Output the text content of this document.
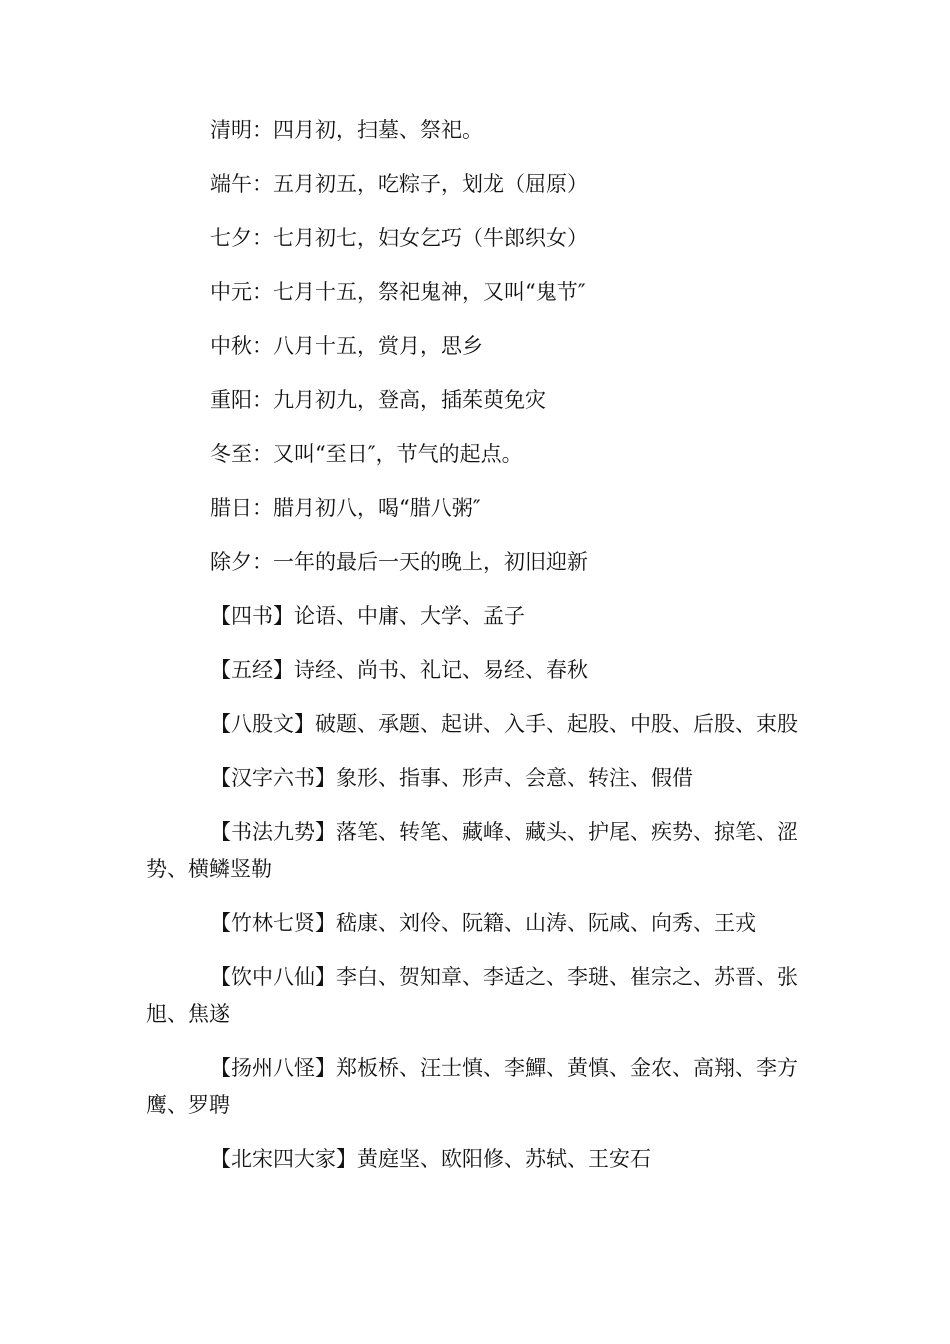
清明：四月初，扫墓、祭祀。

端午：五月初五，吃粽子，划龙（屈原）

七夕：七月初七，妇女乞巧（牛郎织女）

中元：七月十五，祭祀鬼神，又叫“鬼节″

中秋：八月十五，赏月，思乡

重阳：九月初九，登高，插茱萸免灾

冬至：又叫“至日″，节气的起点。

腊日：腊月初八，喝“腊八粥″

除夕：一年的最后一天的晚上，初旧迎新

【四书】论语、中庸、大学、孟子

【五经】诗经、尚书、礼记、易经、春秋

【八股文】破题、承题、起讲、入手、起股、中股、后股、束股

【汉字六书】象形、指事、形声、会意、转注、假借

【书法九势】落笔、转笔、藏峰、藏头、护尾、疾势、掠笔、涩势、横鳞竖勒

【竹林七贤】嵇康、刘伶、阮籍、山涛、阮咸、向秀、王戎

【饮中八仙】李白、贺知章、李适之、李琎、崔宗之、苏晋、张旭、焦遂

【扬州八怪】郑板桥、汪士慎、李鱓、黄慎、金农、高翔、李方鹰、罗聘

【北宋四大家】黄庭坚、欧阳修、苏轼、王安石
